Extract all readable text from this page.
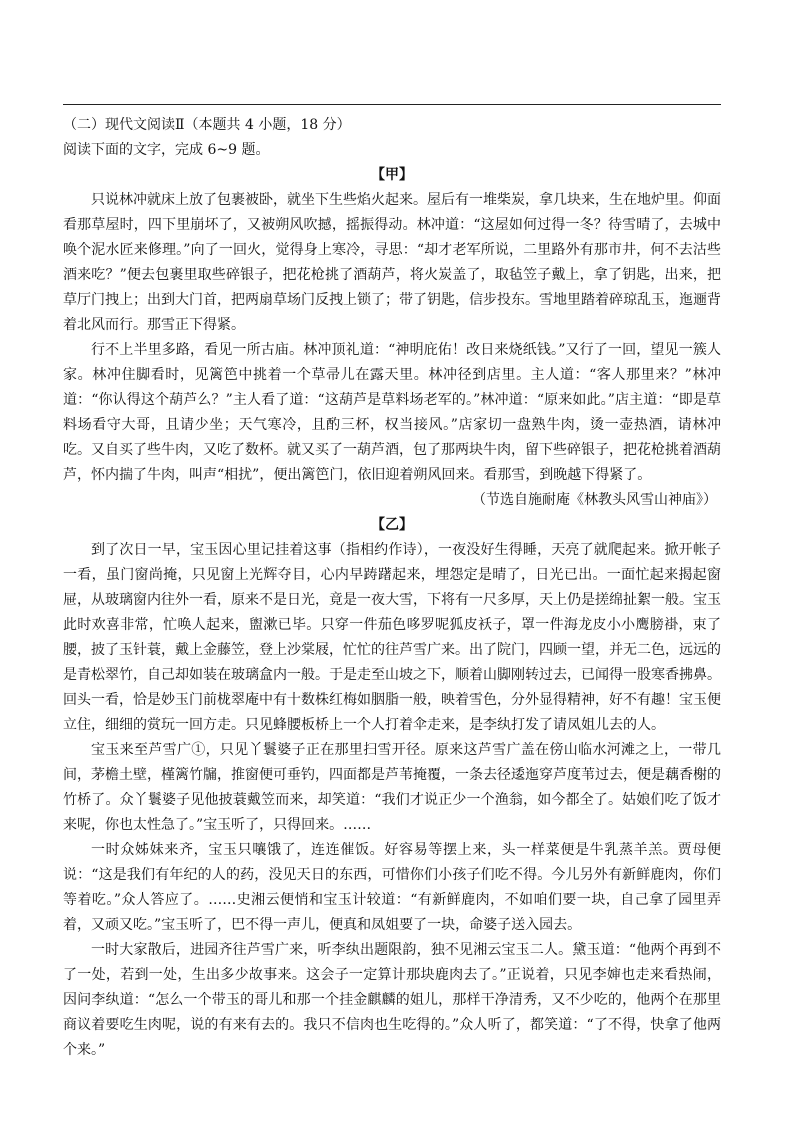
（二）现代文阅读Ⅱ（本题共 4 小题，18 分）

阅读下面的文字，完成 6~9 题。

【甲】

只说林冲就床上放了包裹被卧，就坐下生些焰火起来。屋后有一堆柴炭，拿几块来，生在地炉里。仰面看那草屋时，四下里崩坏了，又被朔风吹撼，摇振得动。林冲道：“这屋如何过得一冬？待雪晴了，去城中唤个泥水匠来修理。”向了一回火，觉得身上寒冷，寻思：“却才老军所说，二里路外有那市井，何不去沽些酒来吃？”便去包裹里取些碎银子，把花枪挑了酒葫芦，将火炭盖了，取毡笠子戴上，拿了钥匙，出来，把草厅门拽上；出到大门首，把两扇草场门反拽上锁了；带了钥匙，信步投东。雪地里踏着碎琼乱玉，迤逦背着北风而行。那雪正下得紧。

行不上半里多路，看见一所古庙。林冲顶礼道：“神明庇佑！改日来烧纸钱。”又行了一回，望见一簇人家。林冲住脚看时，见篱笆中挑着一个草帚儿在露天里。林冲径到店里。主人道：“客人那里来？”林冲道：“你认得这个葫芦么？”主人看了道：“这葫芦是草料场老军的。”林冲道：“原来如此。”店主道：“即是草料场看守大哥，且请少坐；天气寒冷，且酌三杯，权当接风。”店家切一盘熟牛肉，烫一壶热酒，请林冲吃。又自买了些牛肉，又吃了数杯。就又买了一葫芦酒，包了那两块牛肉，留下些碎银子，把花枪挑着酒葫芦，怀内揣了牛肉，叫声“相扰”，便出篱笆门，依旧迎着朔风回来。看那雪，到晚越下得紧了。

（节选自施耐庵《林教头风雪山神庙》）

【乙】

到了次日一早，宝玉因心里记挂着这事（指相约作诗），一夜没好生得睡，天亮了就爬起来。掀开帐子一看，虽门窗尚掩，只见窗上光辉夺目，心内早踌躇起来，埋怨定是晴了，日光已出。一面忙起来揭起窗屉，从玻璃窗内往外一看，原来不是日光，竟是一夜大雪，下将有一尺多厚，天上仍是搓绵扯絮一般。宝玉此时欢喜非常，忙唤人起来，盥漱已毕。只穿一件茄色哆罗呢狐皮袄子，罩一件海龙皮小小鹰膀褂，束了腰，披了玉针蓑，戴上金藤笠，登上沙棠屐，忙忙的往芦雪广来。出了院门，四顾一望，并无二色，远远的是青松翠竹，自己却如装在玻璃盒内一般。于是走至山坡之下，顺着山脚刚转过去，已闻得一股寒香拂鼻。回头一看，恰是妙玉门前栊翠庵中有十数株红梅如胭脂一般，映着雪色，分外显得精神，好不有趣！宝玉便立住，细细的赏玩一回方走。只见蜂腰板桥上一个人打着伞走来，是李纨打发了请凤姐儿去的人。

宝玉来至芦雪广①，只见丫鬟婆子正在那里扫雪开径。原来这芦雪广盖在傍山临水河滩之上，一带几间，茅檐土壁，槿篱竹牖，推窗便可垂钓，四面都是芦苇掩覆，一条去径逶迤穿芦度苇过去，便是藕香榭的竹桥了。众丫鬟婆子见他披蓑戴笠而来，却笑道：“我们才说正少一个渔翁，如今都全了。姑娘们吃了饭才来呢，你也太性急了。”宝玉听了，只得回来。……

一时众姊妹来齐，宝玉只嚷饿了，连连催饭。好容易等摆上来，头一样菜便是牛乳蒸羊羔。贾母便说：“这是我们有年纪的人的药，没见天日的东西，可惜你们小孩子们吃不得。今儿另外有新鲜鹿肉，你们等着吃。”众人答应了。……史湘云便悄和宝玉计较道：“有新鲜鹿肉，不如咱们要一块，自己拿了园里弄着，又顽又吃。”宝玉听了，巴不得一声儿，便真和凤姐要了一块，命婆子送入园去。

一时大家散后，进园齐往芦雪广来，听李纨出题限韵，独不见湘云宝玉二人。黛玉道：“他两个再到不了一处，若到一处，生出多少故事来。这会子一定算计那块鹿肉去了。”正说着，只见李婶也走来看热闹，因问李纨道：“怎么一个带玉的哥儿和那一个挂金麒麟的姐儿，那样干净清秀，又不少吃的，他两个在那里商议着要吃生肉呢，说的有来有去的。我只不信肉也生吃得的。”众人听了，都笑道：“了不得，快拿了他两个来。”
